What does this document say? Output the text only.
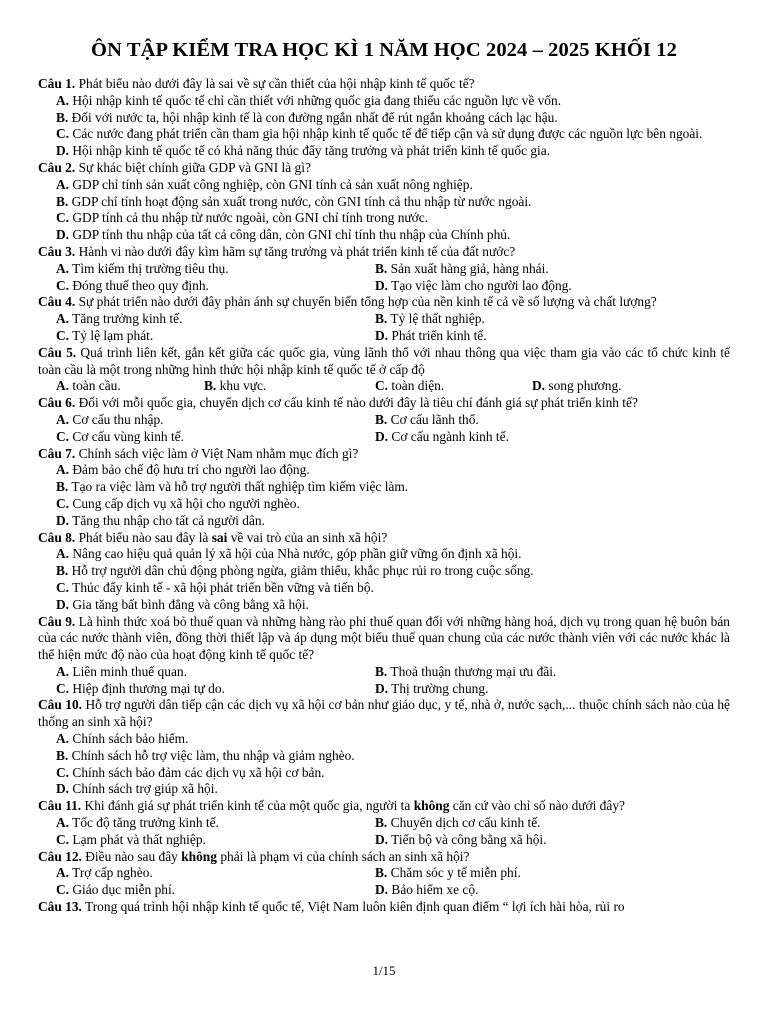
ÔN TẬP KIỂM TRA HỌC KÌ 1 NĂM HỌC 2024 – 2025 KHỐI 12
Câu 1. Phát biểu nào dưới đây là sai về sự cần thiết của hội nhập kinh tế quốc tế?
A. Hội nhập kinh tế quốc tế chỉ cần thiết với những quốc gia đang thiếu các nguồn lực về vốn.
B. Đối với nước ta, hội nhập kinh tế là con đường ngắn nhất để rút ngắn khoảng cách lạc hậu.
C. Các nước đang phát triển cần tham gia hội nhập kinh tế quốc tế để tiếp cận và sử dụng được các nguồn lực bên ngoài.
D. Hội nhập kinh tế quốc tế có khả năng thúc đẩy tăng trưởng và phát triển kinh tế quốc gia.
Câu 2. Sự khác biệt chính giữa GDP và GNI là gì?
A. GDP chỉ tính sản xuất công nghiệp, còn GNI tính cả sản xuất nông nghiệp.
B. GDP chỉ tính hoạt động sản xuất trong nước, còn GNI tính cả thu nhập từ nước ngoài.
C. GDP tính cả thu nhập từ nước ngoài, còn GNI chỉ tính trong nước.
D. GDP tính thu nhập của tất cả công dân, còn GNI chỉ tính thu nhập của Chính phủ.
Câu 3. Hành vi nào dưới đây kìm hãm sự tăng trưởng và phát triển kinh tế của đất nước?
A. Tìm kiếm thị trường tiêu thụ.	B. Sản xuất hàng giả, hàng nhái.
C. Đóng thuế theo quy định.	D. Tạo việc làm cho người lao động.
Câu 4. Sự phát triển nào dưới đây phản ánh sự chuyển biến tổng hợp của nền kinh tế cả về số lượng và chất lượng?
A. Tăng trưởng kinh tế.	B. Tỷ lệ thất nghiệp.
C. Tỷ lệ lạm phát.	D. Phát triển kinh tế.
Câu 5. Quá trình liên kết, gắn kết giữa các quốc gia, vùng lãnh thổ với nhau thông qua việc tham gia vào các tổ chức kinh tế toàn cầu là một trong những hình thức hội nhập kinh tế quốc tế ở cấp độ
A. toàn cầu.	B. khu vực.	C. toàn diện.	D. song phương.
Câu 6. Đối với mỗi quốc gia, chuyển dịch cơ cấu kinh tế nào dưới đây là tiêu chí đánh giá sự phát triển kinh tế?
A. Cơ cấu thu nhập.	B. Cơ cấu lãnh thổ.
C. Cơ cấu vùng kinh tế.	D. Cơ cấu ngành kinh tế.
Câu 7. Chính sách việc làm ở Việt Nam nhằm mục đích gì?
A. Đảm bảo chế độ hưu trí cho người lao động.
B. Tạo ra việc làm và hỗ trợ người thất nghiệp tìm kiếm việc làm.
C. Cung cấp dịch vụ xã hội cho người nghèo.
D. Tăng thu nhập cho tất cả người dân.
Câu 8. Phát biểu nào sau đây là sai về vai trò của an sinh xã hội?
A. Nâng cao hiệu quả quản lý xã hội của Nhà nước, góp phần giữ vững ổn định xã hội.
B. Hỗ trợ người dân chủ động phòng ngừa, giảm thiểu, khắc phục rủi ro trong cuộc sống.
C. Thúc đẩy kinh tế - xã hội phát triển bền vững và tiến bộ.
D. Gia tăng bất bình đẳng và công bằng xã hội.
Câu 9. Là hình thức xoá bỏ thuế quan và những hàng rào phi thuế quan đối với những hàng hoá, dịch vụ trong quan hệ buôn bán của các nước thành viên, đồng thời thiết lập và áp dụng một biểu thuế quan chung của các nước thành viên với các nước khác là thể hiện mức độ nào của hoạt động kinh tế quốc tế?
A. Liên minh thuế quan.	B. Thoả thuận thương mại ưu đãi.
C. Hiệp định thương mại tự do.	D. Thị trường chung.
Câu 10. Hỗ trợ người dân tiếp cận các dịch vụ xã hội cơ bản như giáo dục, y tế, nhà ở, nước sạch,... thuộc chính sách nào của hệ thống an sinh xã hội?
A. Chính sách bảo hiểm.
B. Chính sách hỗ trợ việc làm, thu nhập và giảm nghèo.
C. Chính sách bảo đảm các dịch vụ xã hội cơ bản.
D. Chính sách trợ giúp xã hội.
Câu 11. Khi đánh giá sự phát triển kinh tế của một quốc gia, người ta không căn cứ vào chỉ số nào dưới đây?
A. Tốc độ tăng trưởng kinh tế.	B. Chuyển dịch cơ cấu kinh tế.
C. Lạm phát và thất nghiệp.	D. Tiến bộ và công bằng xã hội.
Câu 12. Điều nào sau đây không phải là phạm vi của chính sách an sinh xã hội?
A. Trợ cấp nghèo.	B. Chăm sóc y tế miễn phí.
C. Giáo dục miễn phí.	D. Bảo hiểm xe cộ.
Câu 13. Trong quá trình hội nhập kinh tế quốc tế, Việt Nam luôn kiên định quan điểm “ lợi ích hài hòa, rủi ro
1/15
